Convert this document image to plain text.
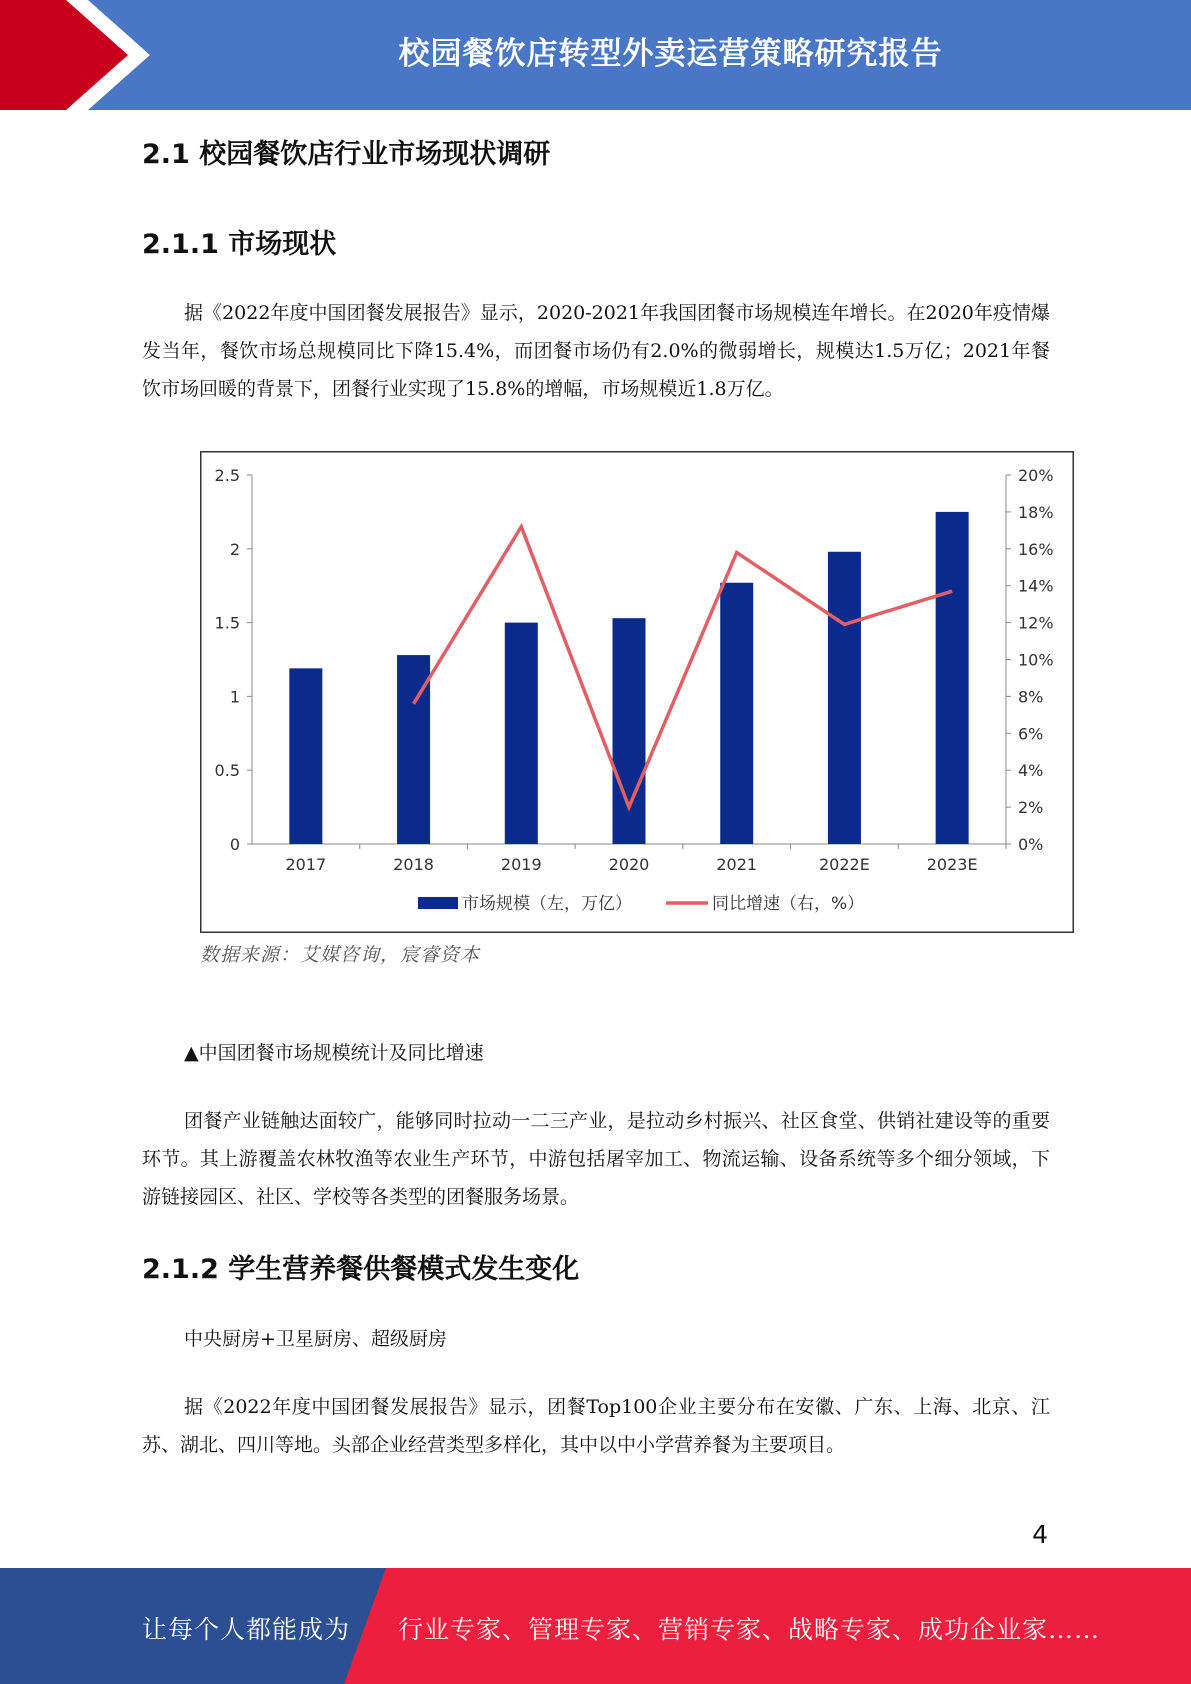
校园餐饮店转型外卖运营策略研究报告
2.1 校园餐饮店行业市场现状调研
2.1.1 市场现状

据《2022年度中国团餐发展报告》显示，2020-2021年我国团餐市场规模连年增长。在2020年疫情爆发当年，餐饮市场总规模同比下降15.4%，而团餐市场仍有2.0%的微弱增长，规模达1.5万亿；2021年餐饮市场回暖的背景下，团餐行业实现了15.8%的增幅，市场规模近1.8万亿。

0
0.5
1
1.5
2
2.5
0%
2%
4%
6%
8%
10%
12%
14%
16%
18%
20%
2017	2018	2019	2020	2021	2022E	2023E
市场规模（左，万亿）	同比增速（右，%）
数据来源：艾媒咨询，宸睿资本
▲中国团餐市场规模统计及同比增速

团餐产业链触达面较广，能够同时拉动一二三产业，是拉动乡村振兴、社区食堂、供销社建设等的重要环节。其上游覆盖农林牧渔等农业生产环节，中游包括屠宰加工、物流运输、设备系统等多个细分领域，下游链接园区、社区、学校等各类型的团餐服务场景。

2.1.2 学生营养餐供餐模式发生变化
中央厨房+卫星厨房、超级厨房

据《2022年度中国团餐发展报告》显示，团餐Top100企业主要分布在安徽、广东、上海、北京、江苏、湖北、四川等地。头部企业经营类型多样化，其中以中小学营养餐为主要项目。

4
让每个人都能成为 行业专家、管理专家、营销专家、战略专家、成功企业家……
